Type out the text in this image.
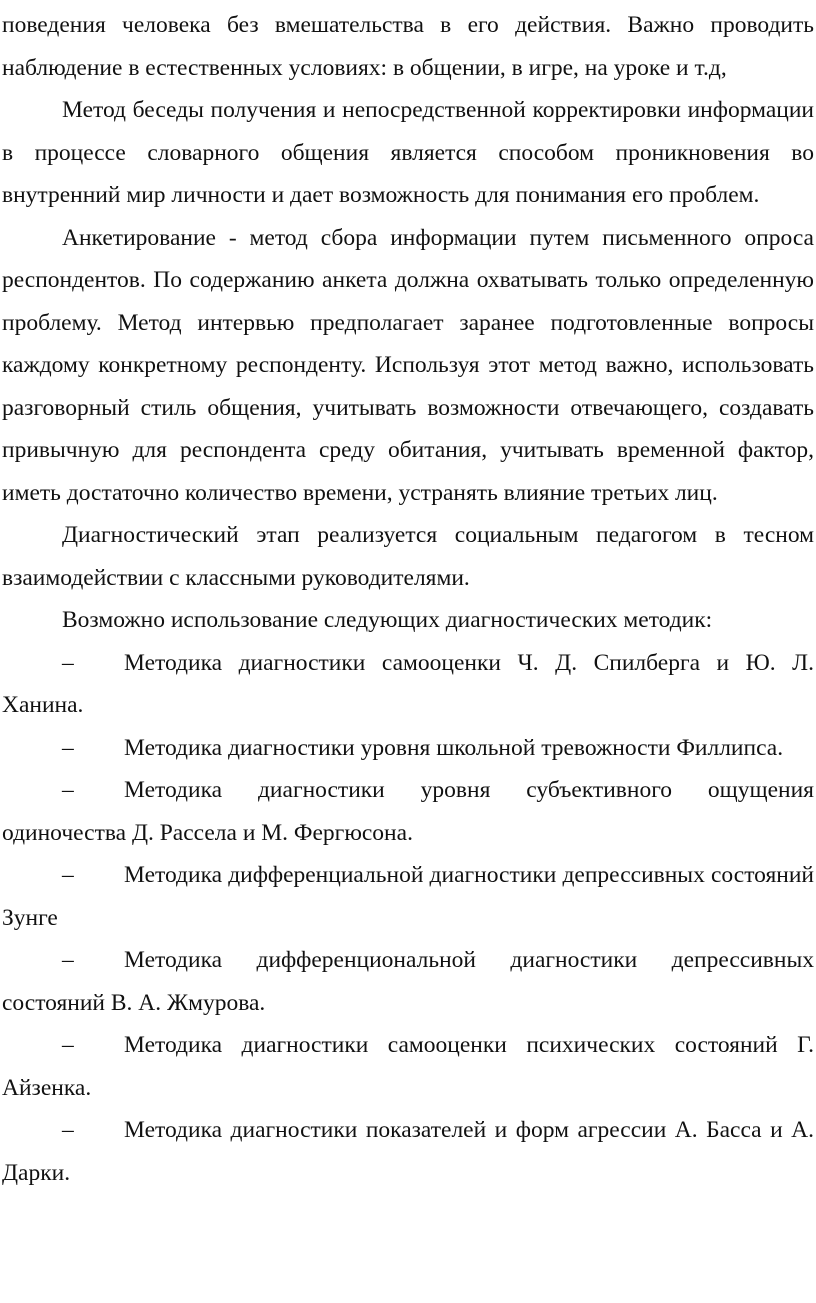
поведения человека без вмешательства в его действия. Важно проводить наблюдение в естественных условиях: в общении, в игре, на уроке и т.д,

Метод беседы получения и непосредственной корректировки информации в процессе словарного общения является способом проникновения во внутренний мир личности и дает возможность для понимания его проблем.

Анкетирование - метод сбора информации путем письменного опроса респондентов. По содержанию анкета должна охватывать только определенную проблему. Метод интервью предполагает заранее подготовленные вопросы каждому конкретному респонденту. Используя этот метод важно, использовать разговорный стиль общения, учитывать возможности отвечающего, создавать привычную для респондента среду обитания, учитывать временной фактор, иметь достаточно количество времени, устранять влияние третьих лиц.

Диагностический этап реализуется социальным педагогом в тесном взаимодействии с классными руководителями.

Возможно использование следующих диагностических методик:

– Методика диагностики самооценки Ч. Д. Спилберга и Ю. Л. Ханина.

– Методика диагностики уровня школьной тревожности Филлипса.

– Методика диагностики уровня субъективного ощущения одиночества Д. Рассела и М. Фергюсона.

– Методика дифференциальной диагностики депрессивных состояний Зунге

– Методика дифференциональной диагностики депрессивных состояний В. А. Жмурова.

– Методика диагностики самооценки психических состояний Г. Айзенка.

– Методика диагностики показателей и форм агрессии А. Басса и А. Дарки.
